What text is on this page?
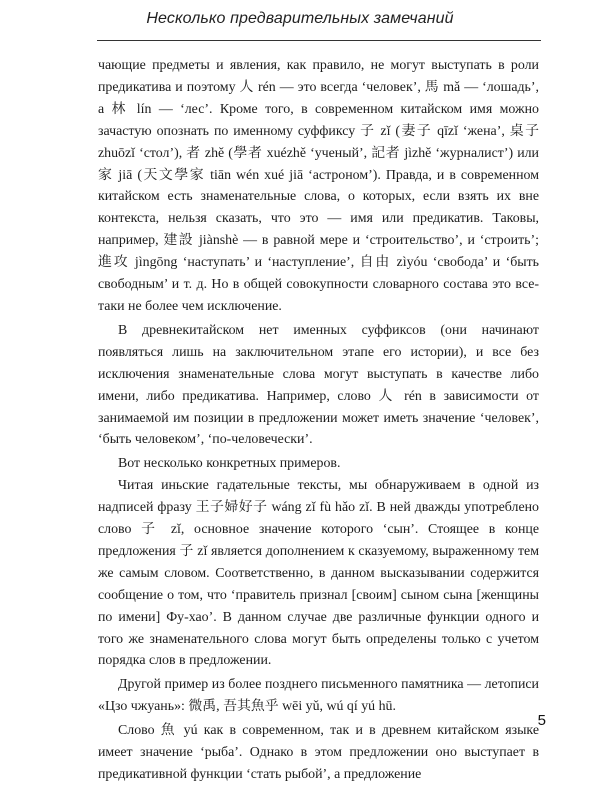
Несколько предварительных замечаний

чающие предметы и явления, как правило, не могут выступать в роли предикатива и поэтому 人 rén — это всегда ‘человек’, 馬 mǎ — ‘лошадь’, а 林 lín — ‘лес’. Кроме того, в современном китайском имя можно зачастую опознать по именному суффиксу 子 zǐ (妻子 qīzǐ ‘жена’, 桌子 zhuōzǐ ‘стол’), 者 zhě (學者 xuézhě ‘ученый’, 記者 jìzhě ‘журналист’) или 家 jiā (天文學家 tiān wén xué jiā ‘астроном’). Правда, и в современном китайском есть знаменательные слова, о которых, если взять их вне контекста, нельзя сказать, что это — имя или предикатив. Таковы, например, 建設 jiànshè — в равной мере и ‘строительство’, и ‘строить’; 進攻 jìngōng ‘наступать’ и ‘наступление’, 自由 zìyóu ‘свобода’ и ‘быть свободным’ и т. д. Но в общей совокупности словарного состава это все-таки не более чем исключение.

В древнекитайском нет именных суффиксов (они начинают появляться лишь на заключительном этапе его истории), и все без исключения знаменательные слова могут выступать в качестве либо имени, либо предикатива. Например, слово 人 rén в зависимости от занимаемой им позиции в предложении может иметь значение ‘человек’, ‘быть человеком’, ‘по-человечески’.

Вот несколько конкретных примеров.

Читая иньские гадательные тексты, мы обнаруживаем в одной из надписей фразу 王子婦好子 wáng zǐ fù hǎo zǐ. В ней дважды употреблено слово 子 zǐ, основное значение которого ‘сын’. Стоящее в конце предложения 子 zǐ является дополнением к сказуемому, выраженному тем же самым словом. Соответственно, в данном высказывании содержится сообщение о том, что ‘правитель признал [своим] сыном сына [женщины по имени] Фу-хао’. В данном случае две различные функции одного и того же знаменательного слова могут быть определены только с учетом порядка слов в предложении.

Другой пример из более позднего письменного памятника — летописи «Цзо чжуань»: 微禹, 吾其魚乎 wēi yǔ, wú qí yú hū.

Слово 魚 yú как в современном, так и в древнем китайском языке имеет значение ‘рыба’. Однако в этом предложении оно выступает в предикативной функции ‘стать рыбой’, а предложение

5
